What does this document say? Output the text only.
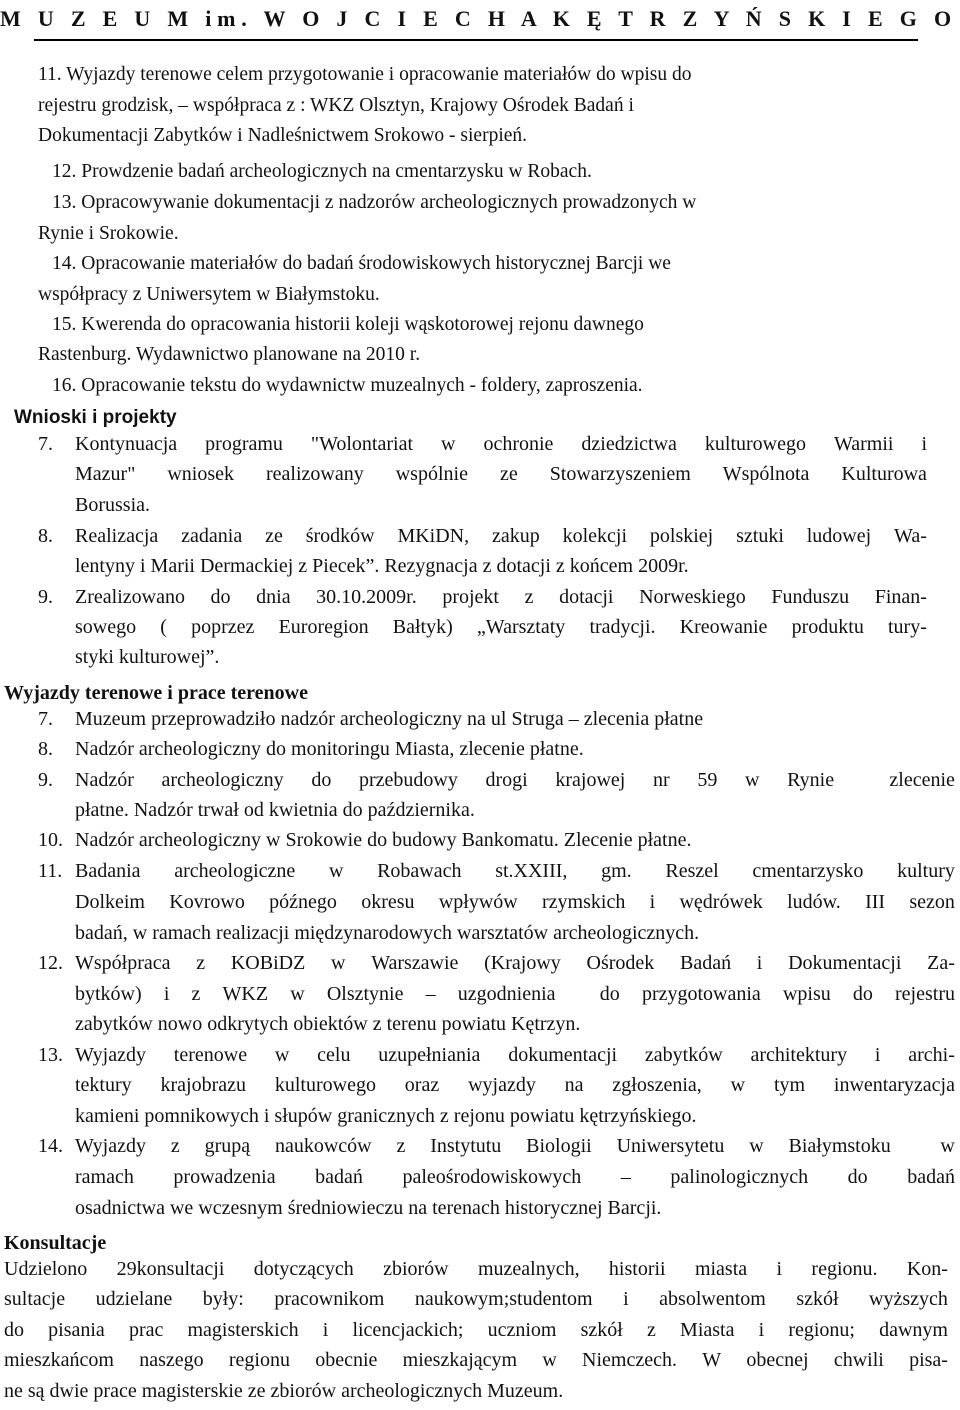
M U Z E U M im. W O J C I E C H A K Ę T R Z Y Ń S K I E G O
11. Wyjazdy terenowe celem przygotowanie i opracowanie materiałów do wpisu do
rejestru grodzisk, – współpraca z : WKZ Olsztyn, Krajowy Ośrodek Badań i
Dokumentacji Zabytków i Nadleśnictwem Srokowo - sierpień.
12. Prowdzenie badań archeologicznych na cmentarzysku w Robach.
13. Opracowywanie dokumentacji z nadzorów archeologicznych prowadzonych w
Rynie i Srokowie.
14. Opracowanie materiałów do badań środowiskowych historycznej Barcji we
współpracy z Uniwersytem w Białymstoku.
15. Kwerenda do opracowania historii koleji wąskotorowej rejonu dawnego
Rastenburg. Wydawnictwo planowane na 2010 r.
16. Opracowanie tekstu do wydawnictw muzealnych - foldery, zaproszenia.
Wnioski i projekty
7. Kontynuacja programu "Wolontariat w ochronie dziedzictwa kulturowego Warmii i
Mazur" wniosek realizowany wspólnie ze Stowarzyszeniem Wspólnota Kulturowa
Borussia.
8. Realizacja zadania ze środków MKiDN, zakup kolekcji polskiej sztuki ludowej Wa-
lentyny i Marii Dermackiej z Piecek”. Rezygnacja z dotacji z końcem 2009r.
9. Zrealizowano do dnia 30.10.2009r. projekt z dotacji Norweskiego Funduszu Finan-
sowego ( poprzez Euroregion Bałtyk) „Warsztaty tradycji. Kreowanie produktu tury-
styki kulturowej”.
Wyjazdy terenowe i prace terenowe
7. Muzeum przeprowadziło nadzór archeologiczny na ul Struga – zlecenia płatne
8. Nadzór archeologiczny do monitoringu Miasta, zlecenie płatne.
9. Nadzór archeologiczny do przebudowy drogi krajowej nr 59 w Rynie	zlecenie
płatne. Nadzór trwał od kwietnia do października.
10. Nadzór archeologiczny w Srokowie do budowy Bankomatu. Zlecenie płatne.
11. Badania archeologiczne w Robawach st.XXIII, gm. Reszel cmentarzysko kultury
Dolkeim Kovrowo późnego okresu wpływów rzymskich i wędrówek ludów. III sezon
badań, w ramach realizacji międzynarodowych warsztatów archeologicznych.
12. Współpraca z KOBiDZ w Warszawie (Krajowy Ośrodek Badań i Dokumentacji Za-
bytków) i z WKZ w Olsztynie – uzgodnienia do przygotowania wpisu do rejestru
zabytków nowo odkrytych obiektów z terenu powiatu Kętrzyn.
13. Wyjazdy terenowe w celu uzupełniania dokumentacji zabytków architektury i archi-
tektury krajobrazu kulturowego oraz wyjazdy na zgłoszenia, w tym inwentaryzacja
kamieni pomnikowych i słupów granicznych z rejonu powiatu kętrzyńskiego.
14. Wyjazdy z grupą naukowców z Instytutu Biologii Uniwersytetu w Białymstoku w
ramach prowadzenia badań paleośrodowiskowych – palinologicznych do badań
osadnictwa we wczesnym średniowieczu na terenach historycznej Barcji.
Konsultacje
Udzielono 29konsultacji dotyczących zbiorów muzealnych, historii miasta i regionu. Kon-
sultacje udzielane były: pracownikom naukowym;studentom i absolwentom szkół wyższych
do pisania prac magisterskich i licencjackich; uczniom szkół z Miasta i regionu; dawnym
mieszkańcom naszego regionu obecnie mieszkającym w Niemczech. W obecnej chwili pisa-
ne są dwie prace magisterskie ze zbiorów archeologicznych Muzeum.
